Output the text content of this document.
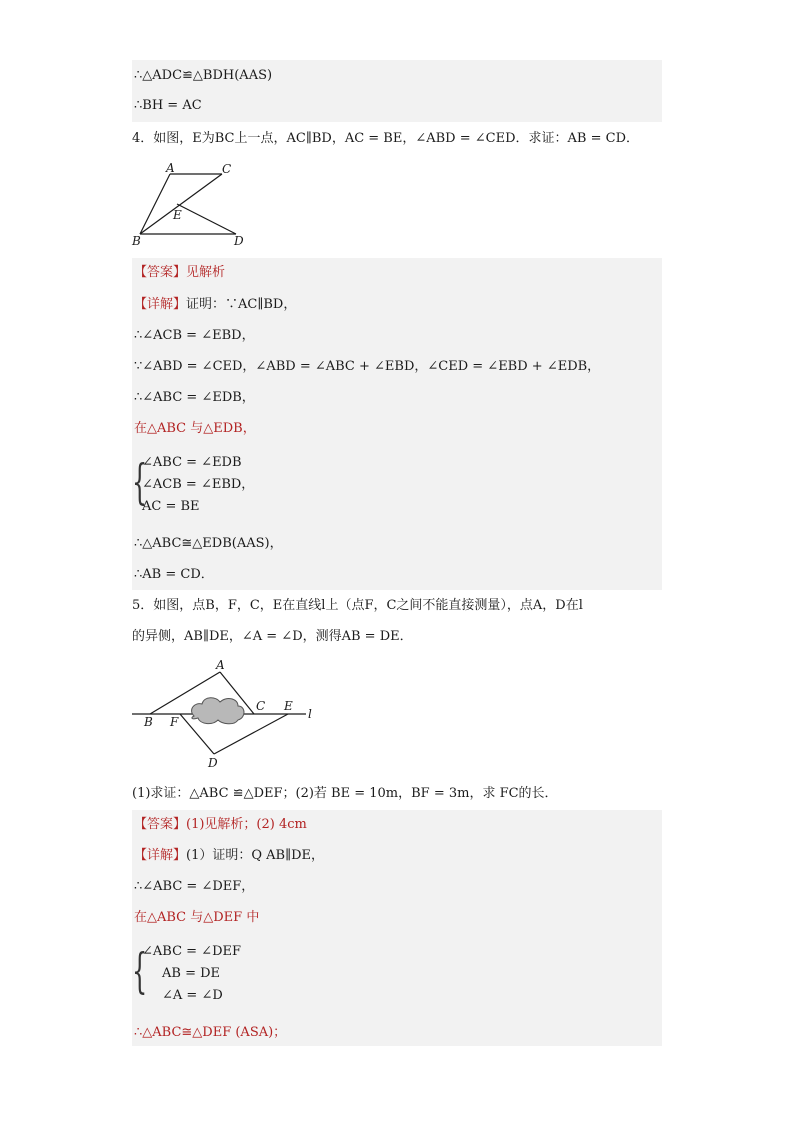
∴△ADC≌△BDH(AAS)
∴BH = AC
4．如图，E为BC上一点，AC∥BD，AC = BE，∠ABD = ∠CED．求证：AB = CD．
A	C
E
B	D
【答案】见解析
【详解】证明：∵AC∥BD，
∴∠ACB = ∠EBD，
∵∠ABD = ∠CED，∠ABD = ∠ABC + ∠EBD，∠CED = ∠EBD + ∠EDB，
∴∠ABC = ∠EDB，
在△ABC 与△EDB，
{
∠ABC = ∠EDB
∠ACB = ∠EBD，
AC = BE
∴△ABC≅△EDB(AAS)，
∴AB = CD．
5．如图，点B，F，C，E在直线l上（点F，C之间不能直接测量），点A，D在l
的异侧，AB∥DE，∠A = ∠D，测得AB = DE．
A
B F
C E
l
D
(1)求证：△ABC ≌△DEF；(2)若 BE = 10m，BF = 3m，求 FC的长．
【答案】(1)见解析；(2) 4cm
【详解】(1）证明：Q AB∥DE，
∴∠ABC = ∠DEF，
在△ABC 与△DEF 中
{
∠ABC = ∠DEF
AB = DE
∠A = ∠D
∴△ABC≅△DEF (ASA)；
